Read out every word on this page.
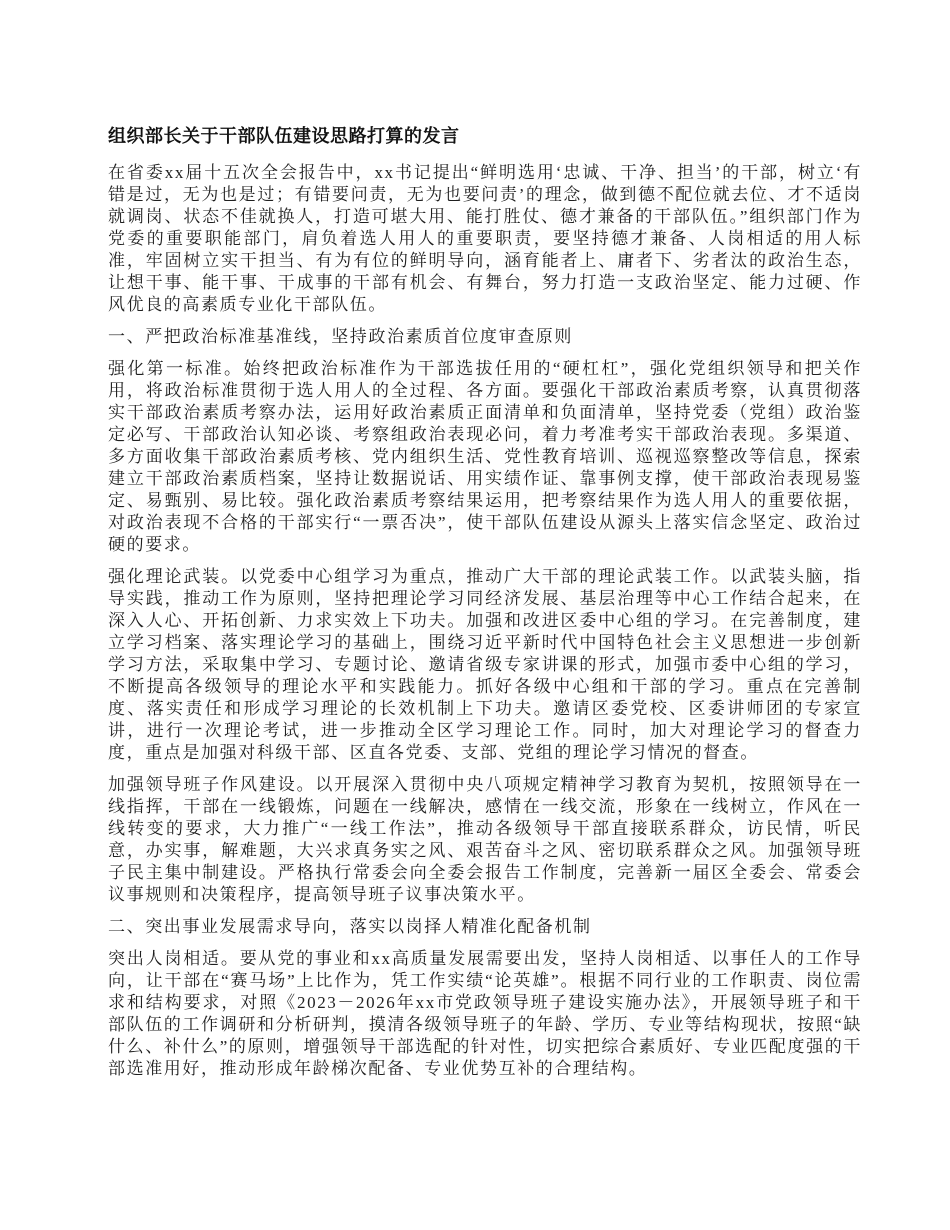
组织部长关于干部队伍建设思路打算的发言

在省委xx届十五次全会报告中，xx书记提出“鲜明选用‘忠诚、干净、担当’的干部，树立‘有错是过，无为也是过；有错要问责，无为也要问责’的理念，做到德不配位就去位、才不适岗就调岗、状态不佳就换人，打造可堪大用、能打胜仗、德才兼备的干部队伍。”组织部门作为党委的重要职能部门，肩负着选人用人的重要职责，要坚持德才兼备、人岗相适的用人标准，牢固树立实干担当、有为有位的鲜明导向，涵育能者上、庸者下、劣者汰的政治生态，让想干事、能干事、干成事的干部有机会、有舞台，努力打造一支政治坚定、能力过硬、作风优良的高素质专业化干部队伍。

一、严把政治标准基准线，坚持政治素质首位度审查原则

强化第一标准。始终把政治标准作为干部选拔任用的“硬杠杠”，强化党组织领导和把关作用，将政治标准贯彻于选人用人的全过程、各方面。要强化干部政治素质考察，认真贯彻落实干部政治素质考察办法，运用好政治素质正面清单和负面清单，坚持党委（党组）政治鉴定必写、干部政治认知必谈、考察组政治表现必问，着力考准考实干部政治表现。多渠道、多方面收集干部政治素质考核、党内组织生活、党性教育培训、巡视巡察整改等信息，探索建立干部政治素质档案，坚持让数据说话、用实绩作证、靠事例支撑，使干部政治表现易鉴定、易甄别、易比较。强化政治素质考察结果运用，把考察结果作为选人用人的重要依据，对政治表现不合格的干部实行“一票否决”，使干部队伍建设从源头上落实信念坚定、政治过硬的要求。

强化理论武装。以党委中心组学习为重点，推动广大干部的理论武装工作。以武装头脑，指导实践，推动工作为原则，坚持把理论学习同经济发展、基层治理等中心工作结合起来，在深入人心、开拓创新、力求实效上下功夫。加强和改进区委中心组的学习。在完善制度，建立学习档案、落实理论学习的基础上，围绕习近平新时代中国特色社会主义思想进一步创新学习方法，采取集中学习、专题讨论、邀请省级专家讲课的形式，加强市委中心组的学习，不断提高各级领导的理论水平和实践能力。抓好各级中心组和干部的学习。重点在完善制度、落实责任和形成学习理论的长效机制上下功夫。邀请区委党校、区委讲师团的专家宣讲，进行一次理论考试，进一步推动全区学习理论工作。同时，加大对理论学习的督查力度，重点是加强对科级干部、区直各党委、支部、党组的理论学习情况的督查。

加强领导班子作风建设。以开展深入贯彻中央八项规定精神学习教育为契机，按照领导在一线指挥，干部在一线锻炼，问题在一线解决，感情在一线交流，形象在一线树立，作风在一线转变的要求，大力推广“一线工作法”，推动各级领导干部直接联系群众，访民情，听民意，办实事，解难题，大兴求真务实之风、艰苦奋斗之风、密切联系群众之风。加强领导班子民主集中制建设。严格执行常委会向全委会报告工作制度，完善新一届区全委会、常委会议事规则和决策程序，提高领导班子议事决策水平。

二、突出事业发展需求导向，落实以岗择人精准化配备机制

突出人岗相适。要从党的事业和xx高质量发展需要出发，坚持人岗相适、以事任人的工作导向，让干部在“赛马场”上比作为，凭工作实绩“论英雄”。根据不同行业的工作职责、岗位需求和结构要求，对照《2023－2026年xx市党政领导班子建设实施办法》，开展领导班子和干部队伍的工作调研和分析研判，摸清各级领导班子的年龄、学历、专业等结构现状，按照“缺什么、补什么”的原则，增强领导干部选配的针对性，切实把综合素质好、专业匹配度强的干部选准用好，推动形成年龄梯次配备、专业优势互补的合理结构。
